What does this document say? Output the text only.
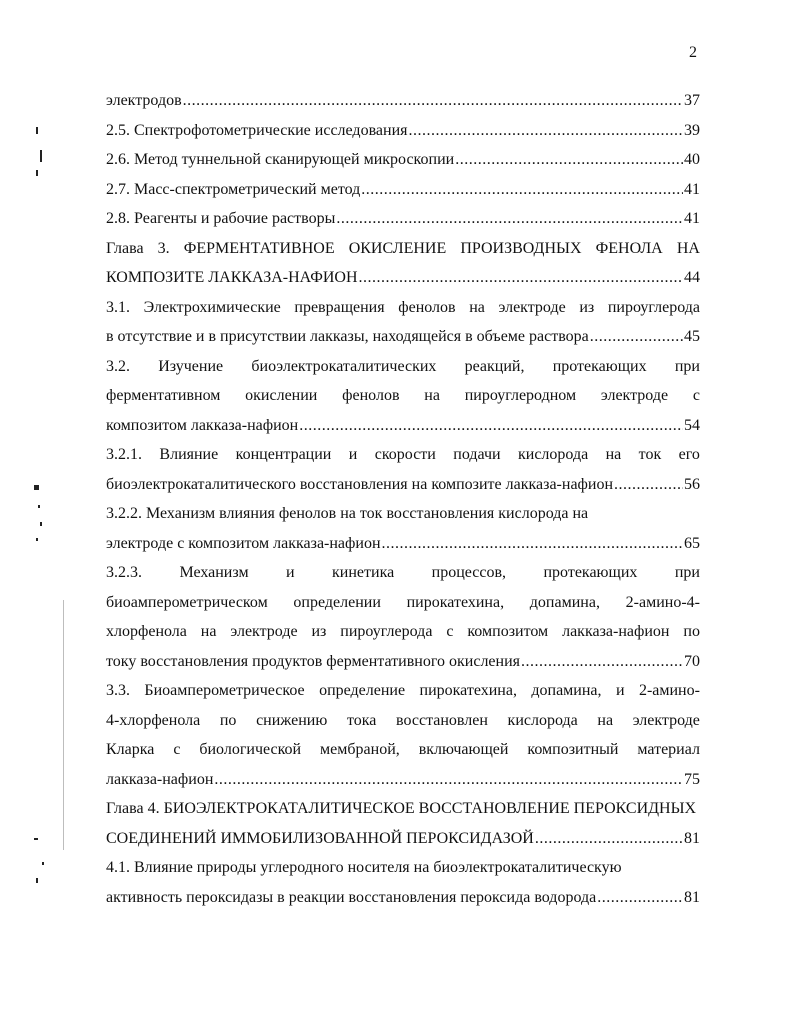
2
электродов .....	37
2.5. Спектрофотометрические исследования .....	39
2.6. Метод туннельной сканирующей микроскопии .....	40
2.7. Масс-спектрометрический метод .....	41
2.8. Реагенты и рабочие растворы .....	41
Глава 3. ФЕРМЕНТАТИВНОЕ ОКИСЛЕНИЕ ПРОИЗВОДНЫХ ФЕНОЛА НА
КОМПОЗИТЕ ЛАККАЗА-НАФИОН .....	44
3.1. Электрохимические превращения фенолов на электроде из пироуглерода
в отсутствие и в присутствии лакказы, находящейся в объеме раствора .....	45
3.2. Изучение биоэлектрокаталитических реакций, протекающих при
ферментативном окислении фенолов на пироуглеродном электроде с
композитом лакказа-нафион .....	54
3.2.1. Влияние концентрации и скорости подачи кислорода на ток его
биоэлектрокаталитического восстановления на композите лакказа-нафион .....	56
3.2.2. Механизм влияния фенолов на ток восстановления кислорода на
электроде с композитом лакказа-нафион .....	65
3.2.3. Механизм и кинетика процессов, протекающих при
биоамперометрическом определении пирокатехина, допамина, 2-амино-4-
хлорфенола на электроде из пироуглерода с композитом лакказа-нафион по
току восстановления продуктов ферментативного окисления .....	70
3.3. Биоамперометрическое определение пирокатехина, допамина, и 2-амино-
4-хлорфенола по снижению тока восстановлен кислорода на электроде
Кларка с биологической мембраной, включающей композитный материал
лакказа-нафион .....	75
Глава 4. БИОЭЛЕКТРОКАТАЛИТИЧЕСКОЕ ВОССТАНОВЛЕНИЕ ПЕРОКСИДНЫХ
СОЕДИНЕНИЙ ИММОБИЛИЗОВАННОЙ ПЕРОКСИДАЗОЙ .....	81
4.1. Влияние природы углеродного носителя на биоэлектрокаталитическую
активность пероксидазы в реакции восстановления пероксида водорода .....	81
